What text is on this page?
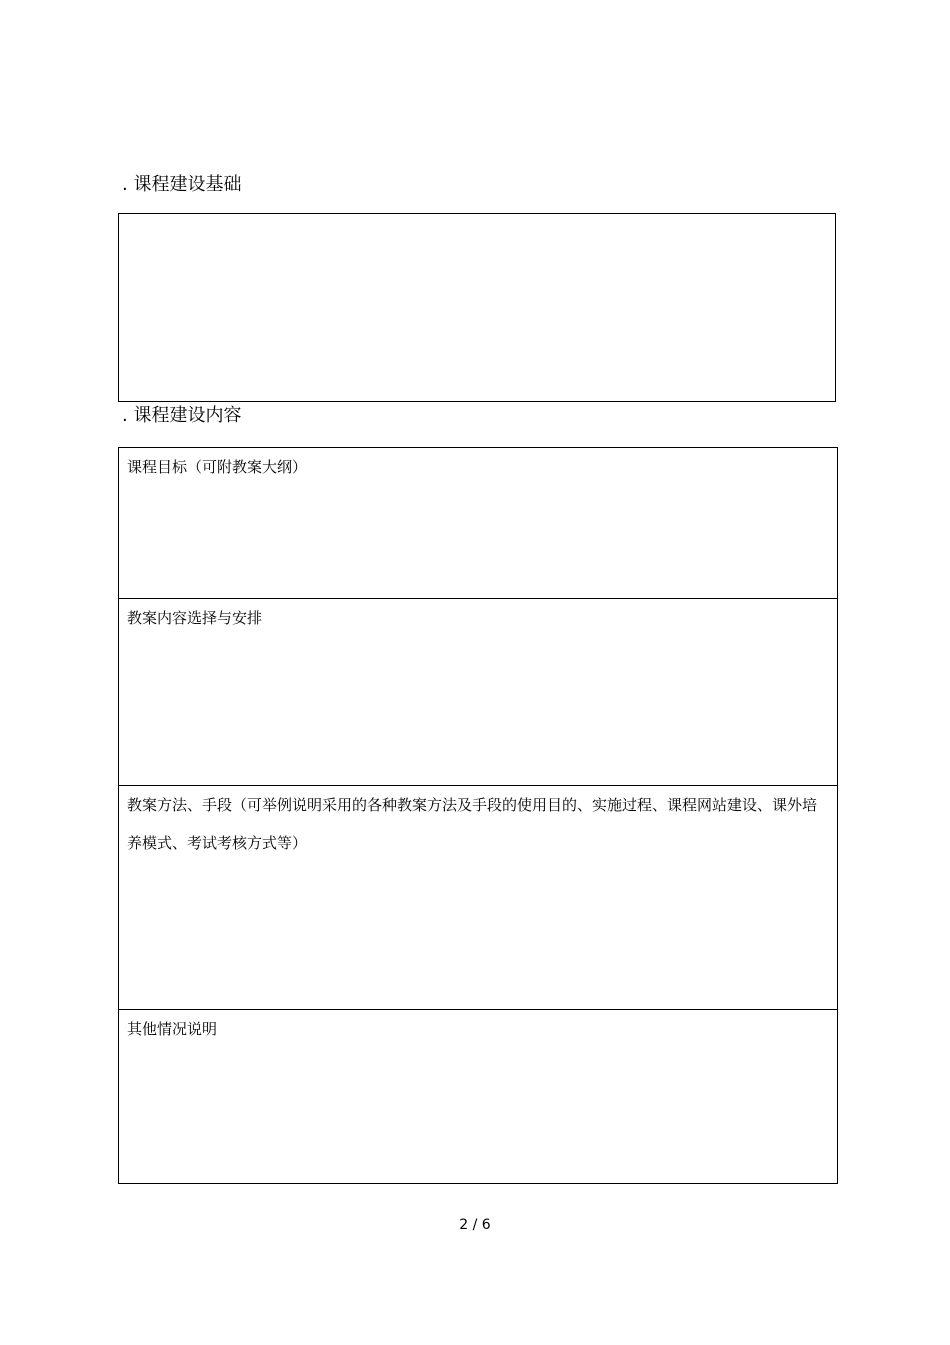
. 课程建设基础
. 课程建设内容
课程目标（可附教案大纲）

教案内容选择与安排

教案方法、手段（可举例说明采用的各种教案方法及手段的使用目的、实施过程、课程网站建设、课外培养模式、考试考核方式等）

其他情况说明
2 / 6
